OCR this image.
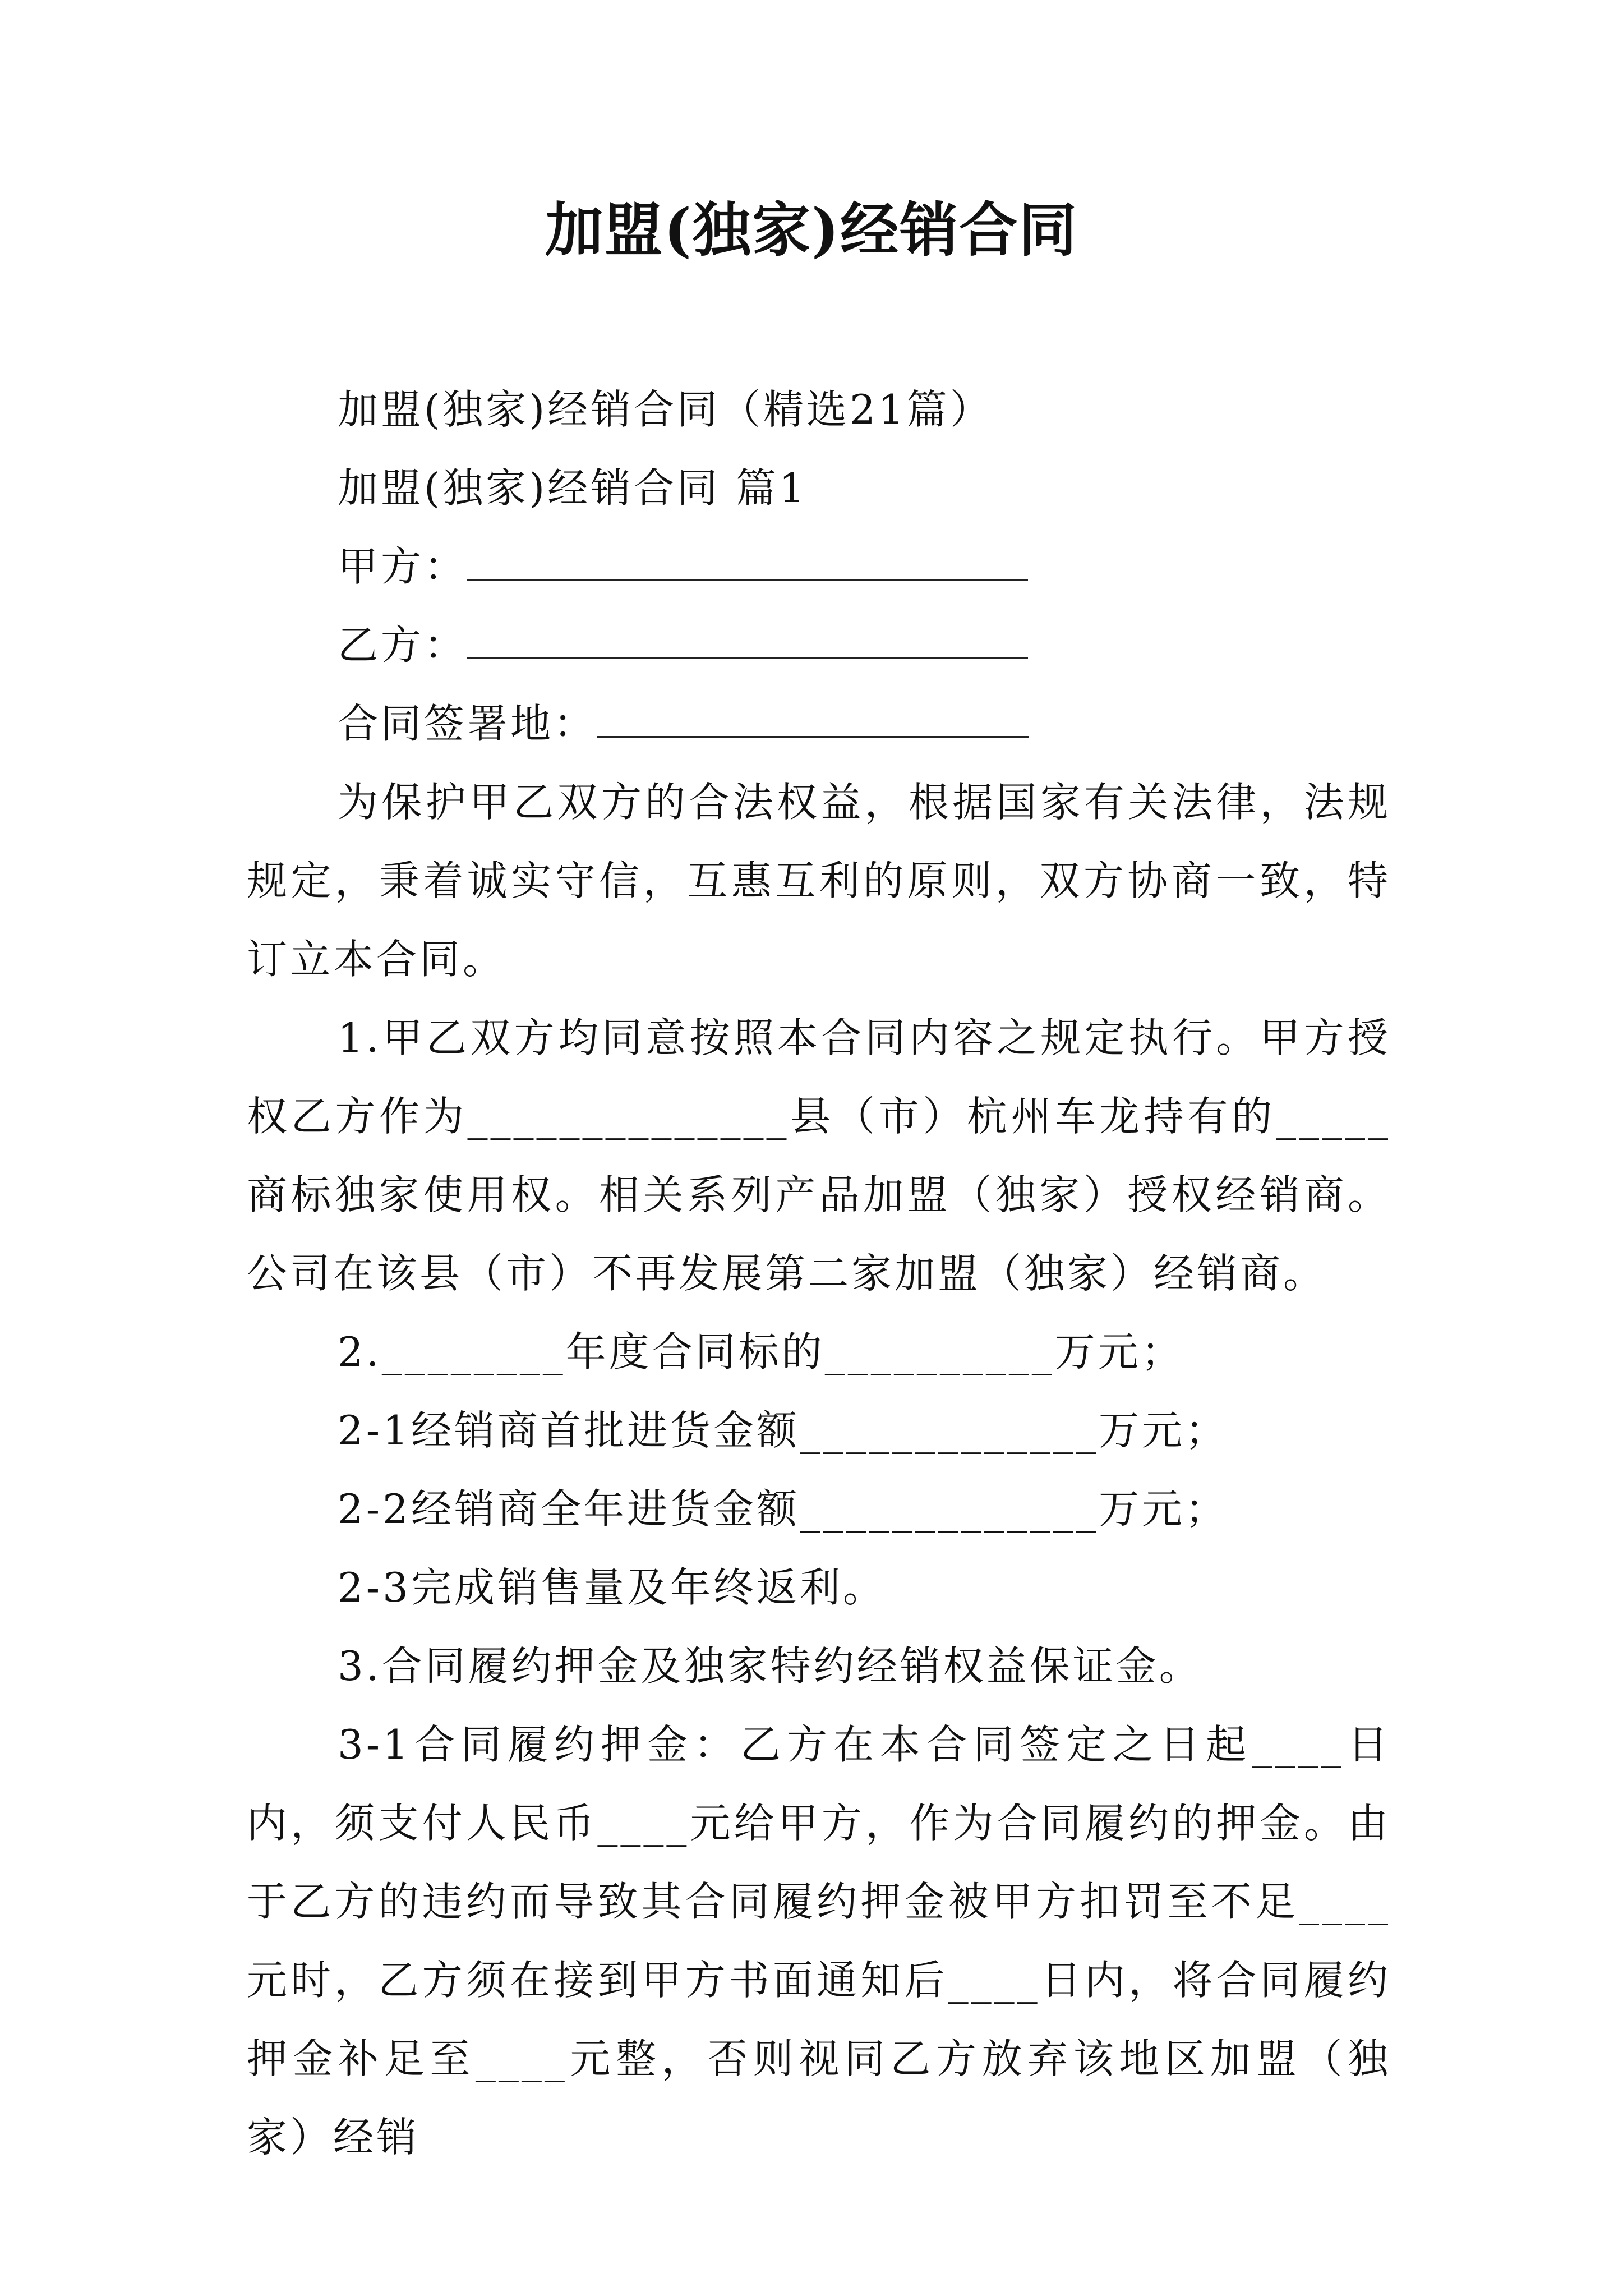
加盟(独家)经销合同

加盟(独家)经销合同（精选21篇）

加盟(独家)经销合同 篇1

甲方：

乙方：

合同签署地：

为保护甲乙双方的合法权益，根据国家有关法律，法规规定，秉着诚实守信，互惠互利的原则，双方协商一致，特订立本合同。

1.甲乙双方均同意按照本合同内容之规定执行。甲方授权乙方作为______________县（市）杭州车龙持有的_____商标独家使用权。相关系列产品加盟（独家）授权经销商。公司在该县（市）不再发展第二家加盟（独家）经销商。

2.________年度合同标的__________万元；

2-1经销商首批进货金额_____________万元；

2-2经销商全年进货金额_____________万元；

2-3完成销售量及年终返利。

3.合同履约押金及独家特约经销权益保证金。

3-1合同履约押金：乙方在本合同签定之日起____日内，须支付人民币____元给甲方，作为合同履约的押金。由于乙方的违约而导致其合同履约押金被甲方扣罚至不足____元时，乙方须在接到甲方书面通知后____日内，将合同履约押金补足至____元整，否则视同乙方放弃该地区加盟（独家）经销
